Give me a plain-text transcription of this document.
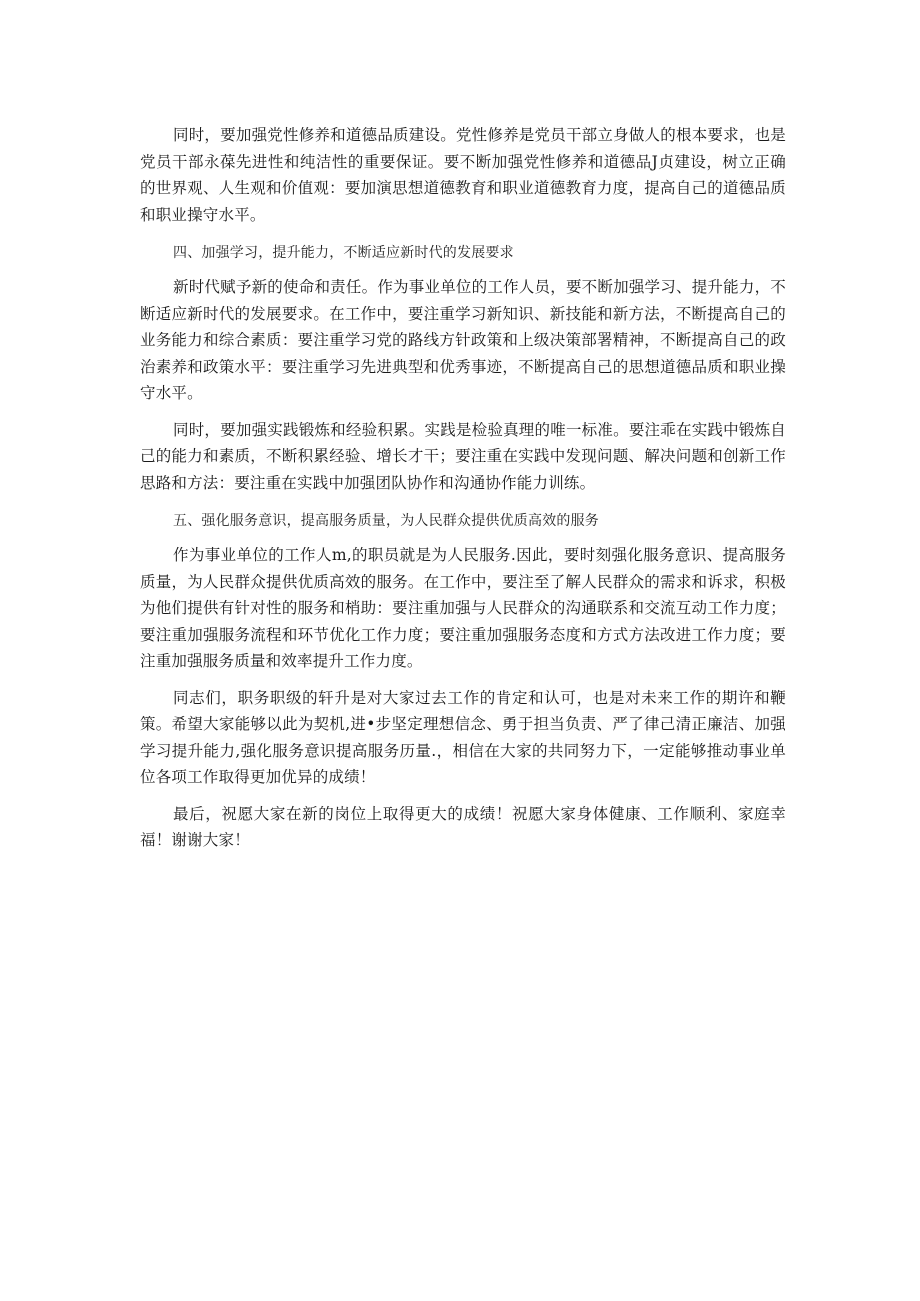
同时，要加强党性修养和道德品质建设。党性修养是党员干部立身做人的根本要求，也是党员干部永葆先进性和纯洁性的重要保证。要不断加强党性修养和道德品J贞建设，树立正确的世界观、人生观和价值观：要加演思想道德教育和职业道德教育力度，提高自己的道德品质和职业操守水平。

四、加强学习，提升能力，不断适应新时代的发展要求

新时代赋予新的使命和责任。作为事业单位的工作人员，要不断加强学习、提升能力，不断适应新时代的发展要求。在工作中，要注重学习新知识、新技能和新方法，不断提高自己的业务能力和综合素质：要注重学习党的路线方针政策和上级决策部署精神，不断提高自己的政治素养和政策水平：要注重学习先进典型和优秀事迹，不断提高自己的思想道德品质和职业操守水平。

同时，要加强实践锻炼和经验积累。实践是检验真理的唯一标准。要注乖在实践中锻炼自己的能力和素质，不断积累经验、增长才干；要注重在实践中发现问题、解决问题和创新工作思路和方法：要注重在实践中加强团队协作和沟通协作能力训练。

五、强化服务意识，提高服务质量，为人民群众提供优质高效的服务

作为事业单位的工作人m,的职员就是为人民服务.因此，要时刻强化服务意识、提高服务质量，为人民群众提供优质高效的服务。在工作中，要注至了解人民群众的需求和诉求，积极为他们提供有针对性的服务和梢助：要注重加强与人民群众的沟通联系和交流互动工作力度；要注重加强服务流程和环节优化工作力度；要注重加强服务态度和方式方法改进工作力度；要注重加强服务质量和效率提升工作力度。

同志们，职务职级的轩升是对大家过去工作的肯定和认可，也是对未来工作的期许和鞭策。希望大家能够以此为契机,进•步坚定理想信念、勇于担当负责、严了律己清正廉洁、加强学习提升能力,强化服务意识提高服务历量.，相信在大家的共同努力下，一定能够推动事业单位各项工作取得更加优异的成绩！

最后，祝愿大家在新的岗位上取得更大的成绩！祝愿大家身体健康、工作顺利、家庭幸福！谢谢大家！
